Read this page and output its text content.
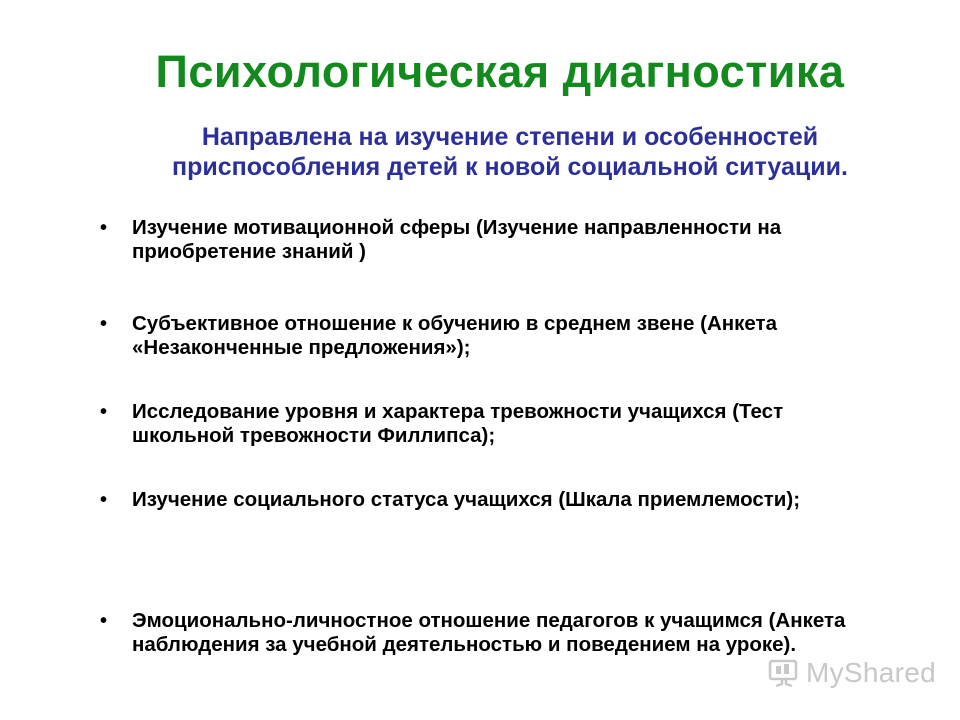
Психологическая диагностика
Направлена на изучение степени и особенностей приспособления детей к новой социальной ситуации.
•	Изучение мотивационной сферы (Изучение направленности на приобретение знаний )
•	Субъективное отношение к обучению в среднем звене (Анкета «Незаконченные предложения»);
•	Исследование уровня и характера тревожности учащихся (Тест школьной тревожности Филлипса);
•	Изучение социального статуса учащихся (Шкала приемлемости);
•	Эмоционально-личностное отношение педагогов к учащимся (Анкета наблюдения за учебной деятельностью и поведением на уроке).
MyShared
